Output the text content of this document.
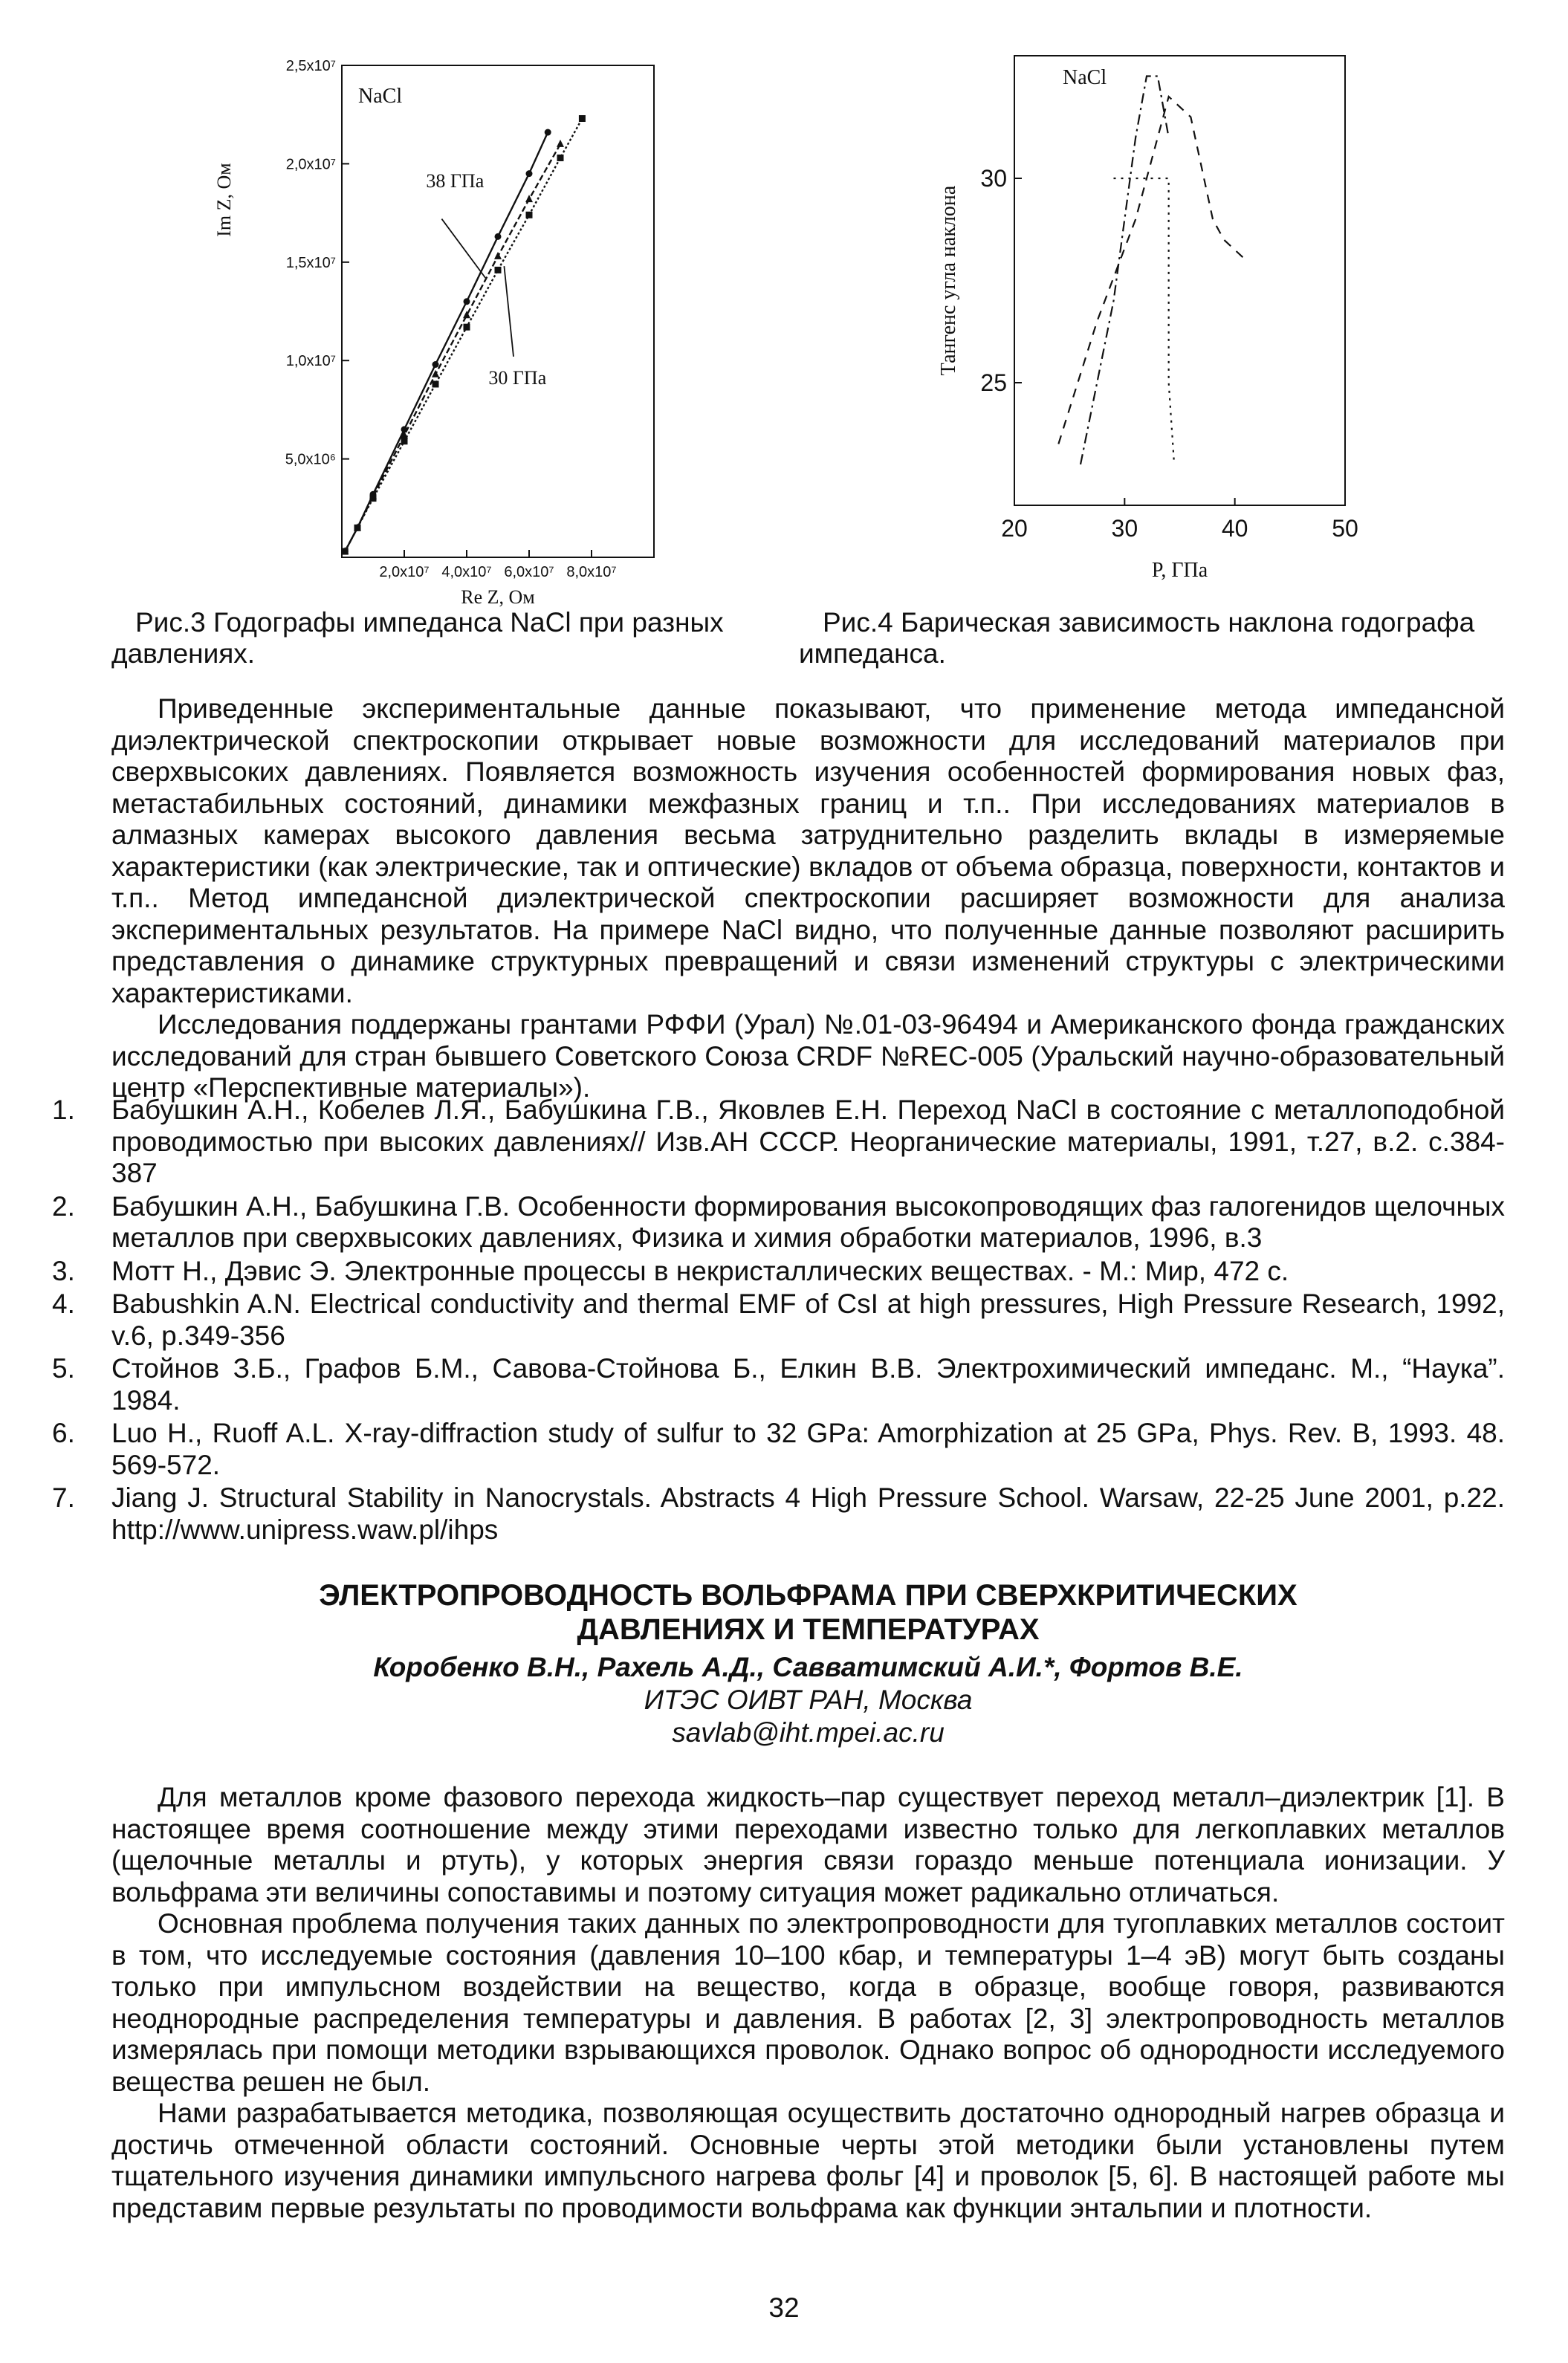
5,0x10⁶
1,0x10⁷
1,5x10⁷
2,0x10⁷
2,5x10⁷
2,0x10⁷ 4,0x10⁷ 6,0x10⁷ 8,0x10⁷
Re Z, Ом
Im Z, Ом
NaCl
38 ГПа
30 ГПа
Рис.3 Годографы импеданса NaCl при разных давлениях.
25
30
20	30	40	50
P, ГПа
Тангенс угла наклона
NaCl
Рис.4 Барическая зависимость наклона годографа импеданса.

Приведенные экспериментальные данные показывают, что применение метода импедансной диэлектрической спектроскопии открывает новые возможности для исследований материалов при сверхвысоких давлениях. Появляется возможность изучения особенностей формирования новых фаз, метастабильных состояний, динамики межфазных границ и т.п.. При исследованиях материалов в алмазных камерах высокого давления весьма затруднительно разделить вклады в измеряемые характеристики (как электрические, так и оптические) вкладов от объема образца, поверхности, контактов и т.п.. Метод импедансной диэлектрической спектроскопии расширяет возможности для анализа экспериментальных результатов. На примере NaCl видно, что полученные данные позволяют расширить представления о динамике структурных превращений и связи изменений структуры с электрическими характеристиками.

Исследования поддержаны грантами РФФИ (Урал) №.01-03-96494 и Американского фонда гражданских исследований для стран бывшего Советского Союза CRDF №REC-005 (Уральский научно-образовательный центр «Перспективные материалы»).

1. Бабушкин А.Н., Кобелев Л.Я., Бабушкина Г.В., Яковлев Е.Н. Переход NaCl в состояние с металлоподобной проводимостью при высоких давлениях// Изв.АН СССР. Неорганические материалы, 1991, т.27, в.2. с.384-387
2. Бабушкин А.Н., Бабушкина Г.В. Особенности формирования высокопроводящих фаз галогенидов щелочных металлов при сверхвысоких давлениях, Физика и химия обработки материалов, 1996, в.3
3. Мотт Н., Дэвис Э. Электронные процессы в некристаллических веществах. - М.: Мир, 472 с.
4. Babushkin A.N. Electrical conductivity and thermal EMF of CsI at high pressures, High Pressure Research, 1992, v.6, p.349-356
5. Стойнов З.Б., Графов Б.М., Савова-Стойнова Б., Елкин В.В. Электрохимический импеданс. М., “Наука”. 1984.
6. Luo H., Ruoff A.L. X-ray-diffraction study of sulfur to 32 GPa: Amorphization at 25 GPa, Phys. Rev. B, 1993. 48. 569-572.
7. Jiang J. Structural Stability in Nanocrystals. Abstracts 4 High Pressure School. Warsaw, 22-25 June 2001, p.22. http://www.unipress.waw.pl/ihps
ЭЛЕКТРОПРОВОДНОСТЬ ВОЛЬФРАМА ПРИ СВЕРХКРИТИЧЕСКИХ
ДАВЛЕНИЯХ И ТЕМПЕРАТУРАХ
Коробенко В.Н., Рахель А.Д., Савватимский А.И.*, Фортов В.Е.
ИТЭС ОИВТ РАН, Москва
savlab@iht.mpei.ac.ru

Для металлов кроме фазового перехода жидкость–пар существует переход металл–диэлектрик [1]. В настоящее время соотношение между этими переходами известно только для легкоплавких металлов (щелочные металлы и ртуть), у которых энергия связи гораздо меньше потенциала ионизации. У вольфрама эти величины сопоставимы и поэтому ситуация может радикально отличаться.

Основная проблема получения таких данных по электропроводности для тугоплавких металлов состоит в том, что исследуемые состояния (давления 10–100 кбар, и температуры 1–4 эВ) могут быть созданы только при импульсном воздействии на вещество, когда в образце, вообще говоря, развиваются неоднородные распределения температуры и давления. В работах [2, 3] электропроводность металлов измерялась при помощи методики взрывающихся проволок. Однако вопрос об однородности исследуемого вещества решен не был.

Нами разрабатывается методика, позволяющая осуществить достаточно однородный нагрев образца и достичь отмеченной области состояний. Основные черты этой методики были установлены путем тщательного изучения динамики импульсного нагрева фольг [4] и проволок [5, 6]. В настоящей работе мы представим первые результаты по проводимости вольфрама как функции энтальпии и плотности.

32
